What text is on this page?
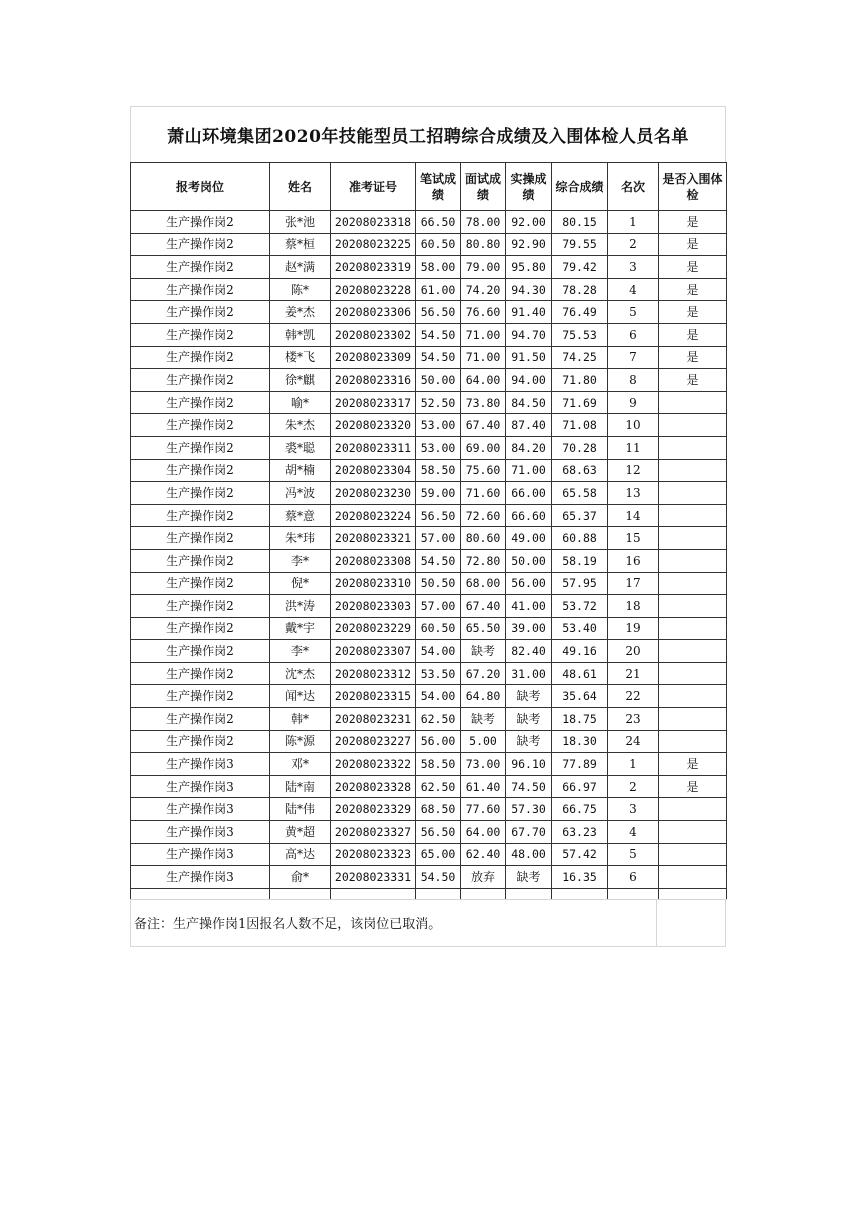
萧山环境集团2020年技能型员工招聘综合成绩及入围体检人员名单
报考岗位	姓名	准考证号	笔试成绩	面试成绩	实操成绩	综合成绩	名次	是否入围体检
生产操作岗2	张*池	20208023318	66.50	78.00	92.00	80.15	1	是
生产操作岗2	蔡*桓	20208023225	60.50	80.80	92.90	79.55	2	是
生产操作岗2	赵*满	20208023319	58.00	79.00	95.80	79.42	3	是
生产操作岗2	陈*	20208023228	61.00	74.20	94.30	78.28	4	是
生产操作岗2	姜*杰	20208023306	56.50	76.60	91.40	76.49	5	是
生产操作岗2	韩*凯	20208023302	54.50	71.00	94.70	75.53	6	是
生产操作岗2	楼*飞	20208023309	54.50	71.00	91.50	74.25	7	是
生产操作岗2	徐*麒	20208023316	50.00	64.00	94.00	71.80	8	是
生产操作岗2	喻*	20208023317	52.50	73.80	84.50	71.69	9	
生产操作岗2	朱*杰	20208023320	53.00	67.40	87.40	71.08	10	
生产操作岗2	裘*聪	20208023311	53.00	69.00	84.20	70.28	11	
生产操作岗2	胡*楠	20208023304	58.50	75.60	71.00	68.63	12	
生产操作岗2	冯*波	20208023230	59.00	71.60	66.00	65.58	13	
生产操作岗2	蔡*意	20208023224	56.50	72.60	66.60	65.37	14	
生产操作岗2	朱*玮	20208023321	57.00	80.60	49.00	60.88	15	
生产操作岗2	李*	20208023308	54.50	72.80	50.00	58.19	16	
生产操作岗2	倪*	20208023310	50.50	68.00	56.00	57.95	17	
生产操作岗2	洪*涛	20208023303	57.00	67.40	41.00	53.72	18	
生产操作岗2	戴*宇	20208023229	60.50	65.50	39.00	53.40	19	
生产操作岗2	李*	20208023307	54.00	缺考	82.40	49.16	20	
生产操作岗2	沈*杰	20208023312	53.50	67.20	31.00	48.61	21	
生产操作岗2	闻*达	20208023315	54.00	64.80	缺考	35.64	22	
生产操作岗2	韩*	20208023231	62.50	缺考	缺考	18.75	23	
生产操作岗2	陈*源	20208023227	56.00	5.00	缺考	18.30	24	
生产操作岗3	邓*	20208023322	58.50	73.00	96.10	77.89	1	是
生产操作岗3	陆*南	20208023328	62.50	61.40	74.50	66.97	2	是
生产操作岗3	陆*伟	20208023329	68.50	77.60	57.30	66.75	3	
生产操作岗3	黄*超	20208023327	56.50	64.00	67.70	63.23	4	
生产操作岗3	高*达	20208023323	65.00	62.40	48.00	57.42	5	
生产操作岗3	俞*	20208023331	54.50	放弃	缺考	16.35	6	

备注：生产操作岗1因报名人数不足，该岗位已取消。
